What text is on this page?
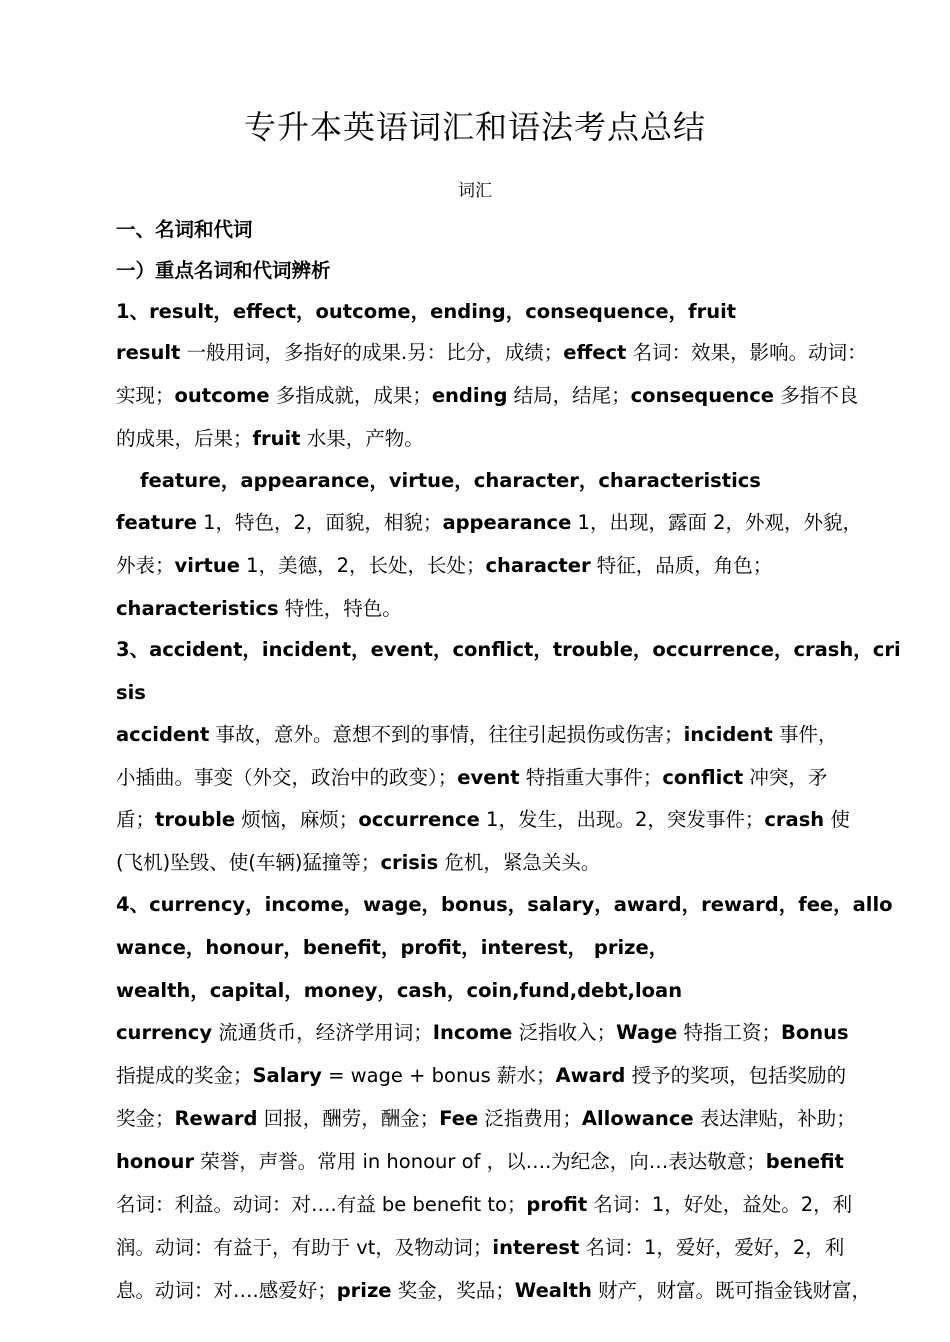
专升本英语词汇和语法考点总结
词汇
一、名词和代词
一）重点名词和代词辨析
1、result，effect，outcome，ending，consequence，fruit
result 一般用词，多指好的成果.另：比分，成绩；effect 名词：效果，影响。动词：
实现；outcome 多指成就，成果；ending 结局，结尾；consequence 多指不良
的成果，后果；fruit 水果，产物。
feature，appearance，virtue，character，characteristics
feature 1，特色，2，面貌，相貌；appearance 1，出现，露面 2，外观，外貌，
外表；virtue 1，美德，2，长处，长处；character 特征，品质，角色；
characteristics 特性，特色。
3、accident，incident，event，conflict，trouble，occurrence，crash，cri
sis
accident 事故，意外。意想不到的事情，往往引起损伤或伤害；incident 事件，
小插曲。事变（外交，政治中的政变）；event 特指重大事件；conflict 冲突，矛
盾；trouble 烦恼，麻烦；occurrence 1，发生，出现。2，突发事件；crash 使
(飞机)坠毁、使(车辆)猛撞等；crisis 危机，紧急关头。
4、currency，income，wage，bonus，salary，award，reward，fee，allo
wance，honour，benefit，profit，interest， prize，
wealth，capital，money，cash，coin,fund,debt,loan
currency 流通货币，经济学用词；Income 泛指收入；Wage 特指工资；Bonus
指提成的奖金；Salary = wage + bonus 薪水；Award 授予的奖项，包括奖励的
奖金；Reward 回报，酬劳，酬金；Fee 泛指费用；Allowance 表达津贴，补助；
honour 荣誉，声誉。常用 in honour of ，以….为纪念，向…表达敬意；benefit
名词：利益。动词：对….有益 be benefit to；profit 名词：1，好处，益处。2，利
润。动词：有益于，有助于 vt，及物动词；interest 名词：1，爱好，爱好，2，利
息。动词：对….感爱好；prize 奖金，奖品；Wealth 财产，财富。既可指金钱财富，
